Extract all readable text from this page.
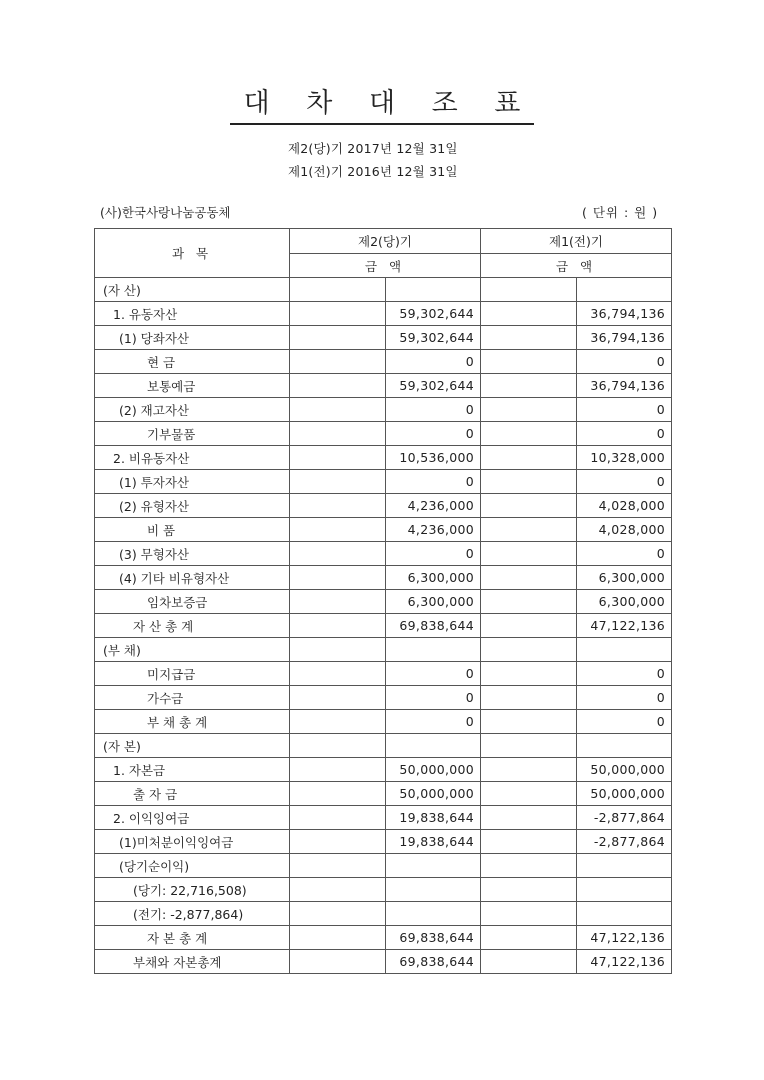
대 차 대 조 표
제2(당)기 2017년 12월 31일
제1(전)기 2016년 12월 31일
(사)한국사랑나눔공동체	( 단위 : 원 )
과 목	제2(당)기		제1(전)기	
	금 액		금 액	
(자 산)				
1. 유동자산		59,302,644		36,794,136
(1) 당좌자산		59,302,644		36,794,136
현 금		0		0
보통예금		59,302,644		36,794,136
(2) 재고자산		0		0
기부물품		0		0
2. 비유동자산		10,536,000		10,328,000
(1) 투자자산		0		0
(2) 유형자산		4,236,000		4,028,000
비 품		4,236,000		4,028,000
(3) 무형자산		0		0
(4) 기타 비유형자산		6,300,000		6,300,000
임차보증금		6,300,000		6,300,000
자 산 총 계		69,838,644		47,122,136
(부 채)				
미지급금		0		0
가수금		0		0
부 채 총 계		0		0
(자 본)				
1. 자본금		50,000,000		50,000,000
출 자 금		50,000,000		50,000,000
2. 이익잉여금		19,838,644		-2,877,864
(1)미처분이익잉여금		19,838,644		-2,877,864
(당기순이익)				
(당기: 22,716,508)				
(전기: -2,877,864)				
자 본 총 계		69,838,644		47,122,136
부채와 자본총계		69,838,644		47,122,136
